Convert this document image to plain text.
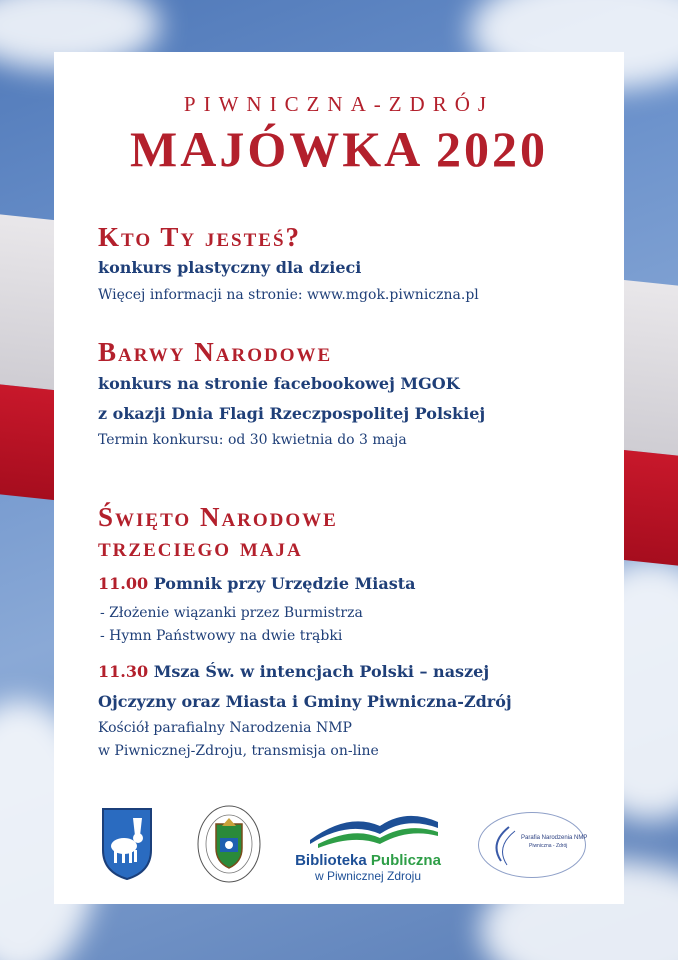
PIWNICZNA-ZDRÓJ
MAJÓWKA 2020
Kto Ty jesteś?
konkurs plastyczny dla dzieci
Więcej informacji na stronie: www.mgok.piwniczna.pl
Barwy Narodowe
konkurs na stronie facebookowej MGOK
z okazji Dnia Flagi Rzeczpospolitej Polskiej
Termin konkursu: od 30 kwietnia do 3 maja
Święto Narodowe
trzeciego maja
11.00 Pomnik przy Urzędzie Miasta
- Złożenie wiązanki przez Burmistrza
- Hymn Państwowy na dwie trąbki
11.30 Msza Św. w intencjach Polski – naszej
Ojczyzny oraz Miasta i Gminy Piwniczna-Zdrój
Kościół parafialny Narodzenia NMP
w Piwnicznej-Zdroju, transmisja on-line
Biblioteka Publiczna
w Piwnicznej Zdroju
Parafia Narodzenia NMP
Piwniczna - Zdrój
